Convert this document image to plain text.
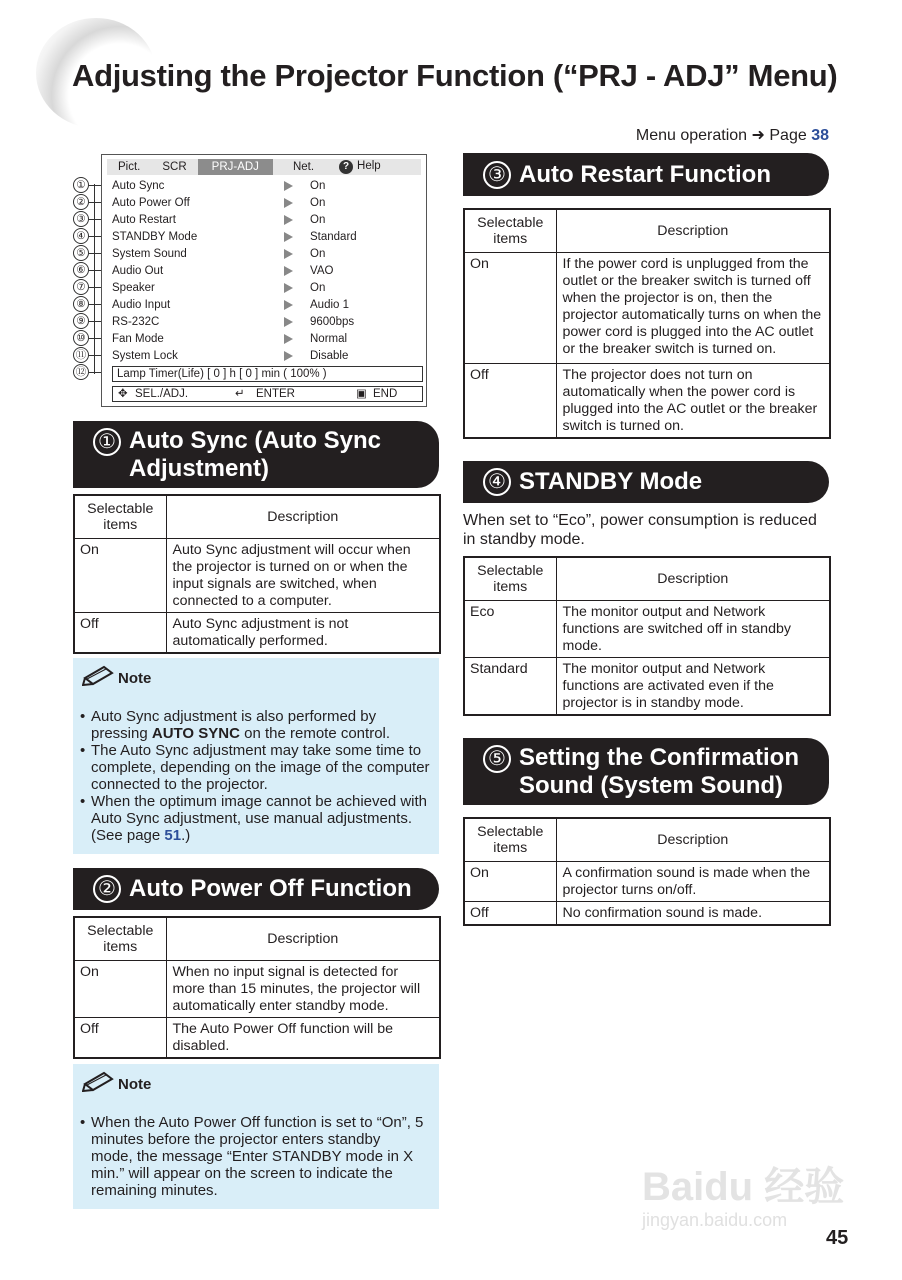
Adjusting the Projector Function (“PRJ - ADJ” Menu)
Menu operation ➜ Page 38
①
②
③
④
⑤
⑥
⑦
⑧
⑨
⑩
⑪
⑫
Pict.	SCR	PRJ-ADJ	Net.	? Help
Auto Sync	On
Auto Power Off	On
Auto Restart	On
STANDBY Mode	Standard
System Sound	On
Audio Out	VAO
Speaker	On
Audio Input	Audio 1
RS-232C	9600bps
Fan Mode	Normal
System Lock	Disable
Lamp Timer(Life) [ 0 ] h [ 0 ] min ( 100% )
✥ SEL./ADJ.	↵ ENTER	▣ END
① Auto Sync (Auto Sync
Adjustment)
Selectable items	Description
On	Auto Sync adjustment will occur when the projector is turned on or when the input signals are switched, when connected to a computer.
Off	Auto Sync adjustment is not automatically performed.
Note
• Auto Sync adjustment is also performed by pressing AUTO SYNC on the remote control.
• The Auto Sync adjustment may take some time to complete, depending on the image of the computer connected to the projector.
• When the optimum image cannot be achieved with Auto Sync adjustment, use manual adjustments. (See page 51.)
② Auto Power Off Function
Selectable items	Description
On	When no input signal is detected for more than 15 minutes, the projector will automatically enter standby mode.
Off	The Auto Power Off function will be disabled.
Note
• When the Auto Power Off function is set to “On”, 5 minutes before the projector enters standby mode, the message “Enter STANDBY mode in X min.” will appear on the screen to indicate the remaining minutes.
③ Auto Restart Function
Selectable items	Description
On	If the power cord is unplugged from the outlet or the breaker switch is turned off when the projector is on, then the projector automatically turns on when the power cord is plugged into the AC outlet or the breaker switch is turned on.
Off	The projector does not turn on automatically when the power cord is plugged into the AC outlet or the breaker switch is turned on.
④ STANDBY Mode
When set to “Eco”, power consumption is reduced in standby mode.
Selectable items	Description
Eco	The monitor output and Network functions are switched off in standby mode.
Standard	The monitor output and Network functions are activated even if the projector is in standby mode.
⑤ Setting the Confirmation
Sound (System Sound)
Selectable items	Description
On	A confirmation sound is made when the projector turns on/off.
Off	No confirmation sound is made.
Baidu 经验
jingyan.baidu.com
45
